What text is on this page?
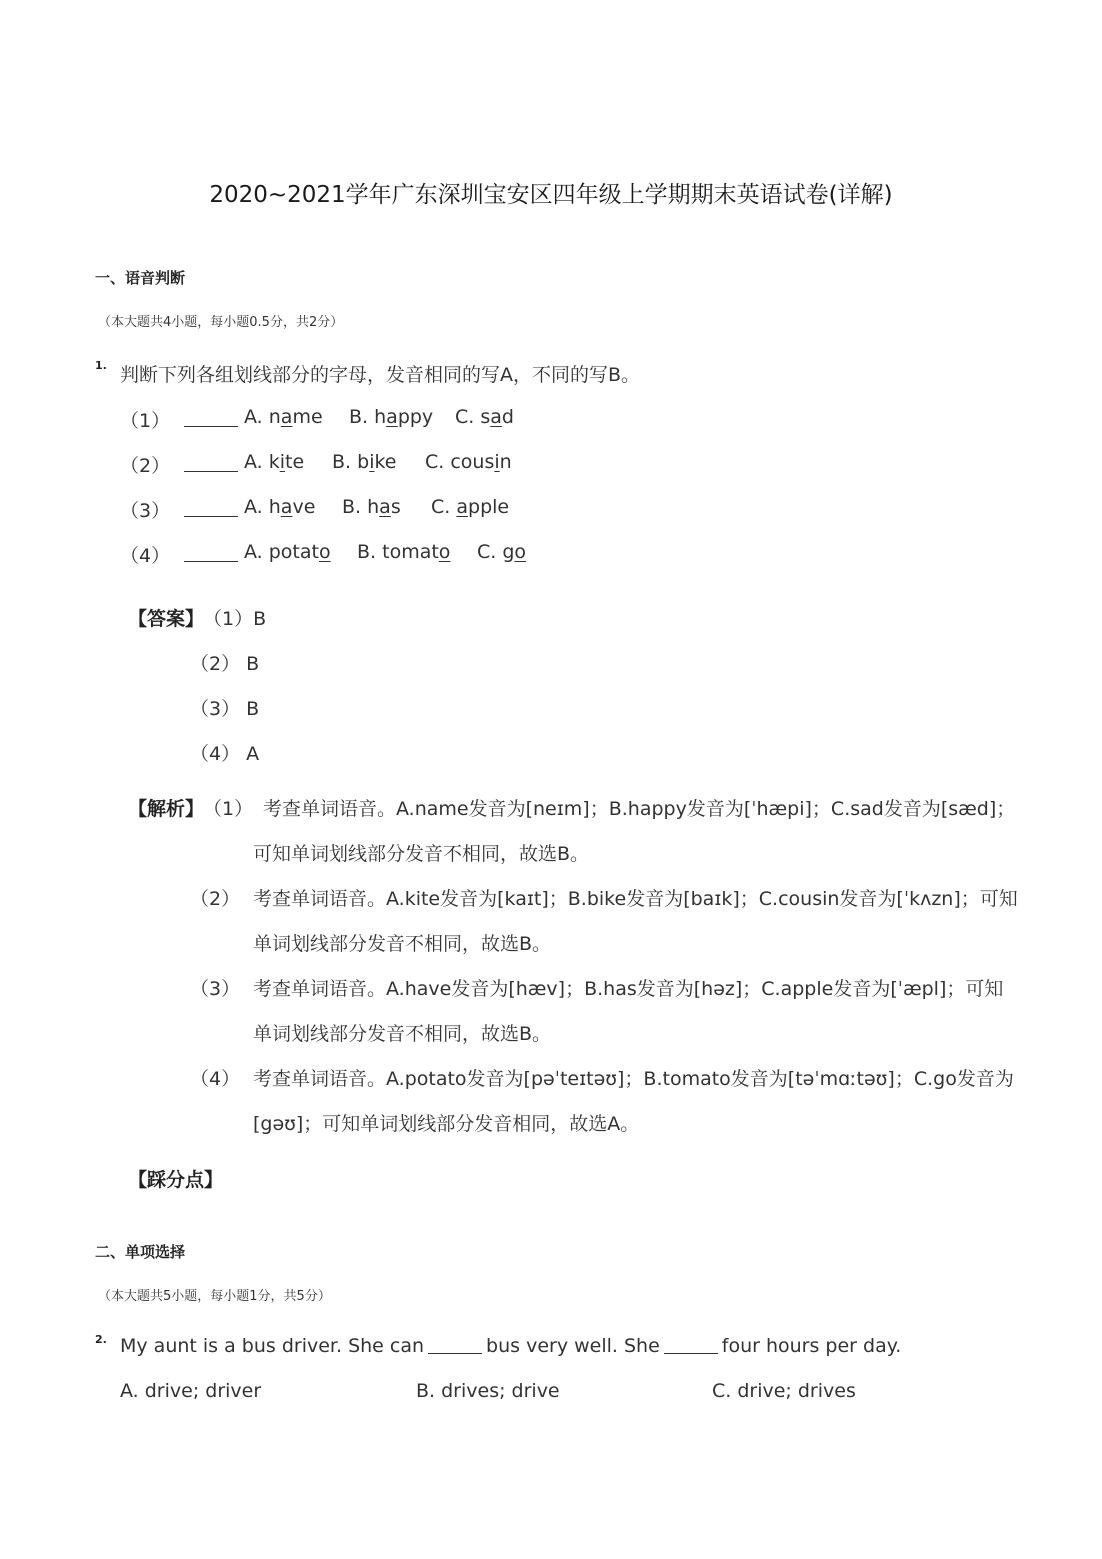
2020~2021学年广东深圳宝安区四年级上学期期末英语试卷(详解)
一、语音判断
（本大题共4小题，每小题0.5分，共2分）
1. 判断下列各组划线部分的字母，发音相同的写A，不同的写B。
（1）	A. name B. happy C. sad
（2）	A. kite B. bike C. cousin
（3）	A. have B. has C. apple
（4）	A. potato B. tomato C. go
【答案】
（1）B
（2） B
（3） B
（4） A
【解析】
（1） 考查单词语音。A.name发音为[neɪm]；B.happy发音为[ˈhæpi]；C.sad发音为[sæd]；
可知单词划线部分发音不相同，故选B。
（2） 考查单词语音。A.kite发音为[kaɪt]；B.bike发音为[baɪk]；C.cousin发音为[ˈkʌzn]；可知
单词划线部分发音不相同，故选B。
（3） 考查单词语音。A.have发音为[hæv]；B.has发音为[həz]；C.apple发音为[ˈæpl]；可知
单词划线部分发音不相同，故选B。
（4） 考查单词语音。A.potato发音为[pəˈteɪtəʊ]；B.tomato发音为[təˈmɑːtəʊ]；C.go发音为
[gəʊ]；可知单词划线部分发音相同，故选A。
【踩分点】
二、单项选择
（本大题共5小题，每小题1分，共5分）
2. My aunt is a bus driver. She can	bus very well. She	four hours per day.
A. drive; driver	B. drives; drive	C. drive; drives
